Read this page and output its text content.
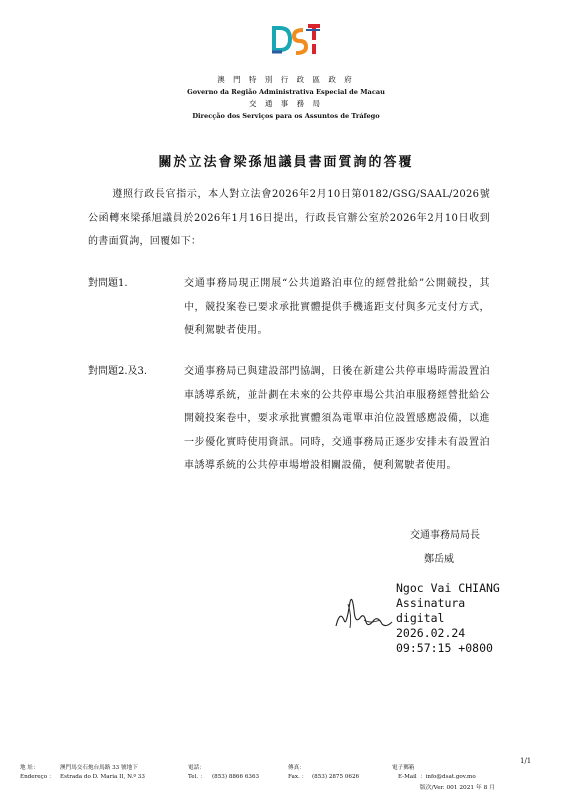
澳 門 特 別 行 政 區 政 府
Governo da Região Administrativa Especial de Macau
交 通 事 務 局
Direcção dos Serviços para os Assuntos de Tráfego
關於立法會梁孫旭議員書面質詢的答覆
遵照行政長官指示，本人對立法會2026年2月10日第0182/GSG/SAAL/2026號公函轉來梁孫旭議員於2026年1月16日提出，行政長官辦公室於2026年2月10日收到的書面質詢，回覆如下：
對問題1.	交通事務局現正開展“公共道路泊車位的經營批給”公開競投，其中，競投案卷已要求承批實體提供手機遙距支付與多元支付方式，便利駕駛者使用。
對問題2.及3.	交通事務局已與建設部門協調，日後在新建公共停車場時需設置泊車誘導系統，並計劃在未來的公共停車場公共泊車服務經營批給公開競投案卷中，要求承批實體須為電單車泊位設置感應設備，以進一步優化實時使用資訊。同時，交通事務局正逐步安排未有設置泊車誘導系統的公共停車場增設相關設備，便利駕駛者使用。
交通事務局局長
鄭岳威
Ngoc Vai CHIANG
Assinatura
digital
2026.02.24
09:57:15 +0800
1/1
地 址：	澳門馬交石炮台馬路 33 號地下	電話：	傳真：	電子郵箱
Endereço ： Estrada do D. Maria II, N.º 33	Tel. ： (853) 8866 6363	Fax. ： (853) 2875 0626	E-Mail ：info@dsat.gov.mo
版次/Ver. 001 2021 年 8 月
